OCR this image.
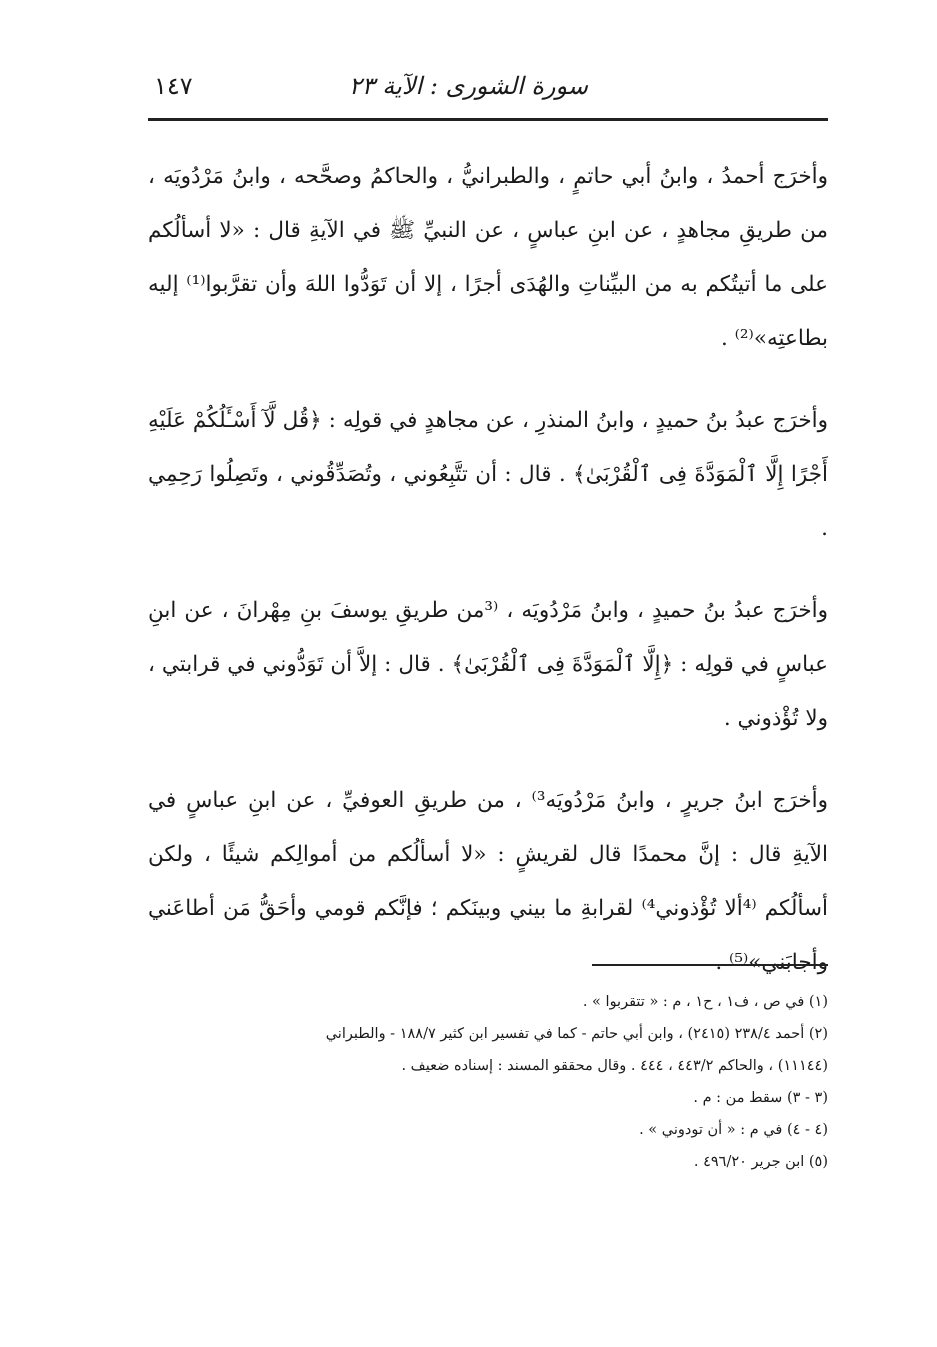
سورة الشورى : الآية ٢٣
١٤٧

وأخرَج أحمدُ ، وابنُ أبي حاتمٍ ، والطبرانيُّ ، والحاكمُ وصحَّحه ، وابنُ مَرْدُويَه ، من طريقِ مجاهدٍ ، عن ابنِ عباسٍ ، عن النبيِّ ﷺ في الآيةِ قال : «لا أسألُكم على ما أتيتُكم به من البيِّناتِ والهُدَى أجرًا ، إلا أن تَوَدُّوا اللهَ وأن تقرَّبوا⁽¹⁾ إليه بطاعتِه»⁽²⁾ .

وأخرَج عبدُ بنُ حميدٍ ، وابنُ المنذرِ ، عن مجاهدٍ في قولِه : ﴿قُل لَّآ أَسْـَٔلُكُمْ عَلَيْهِ أَجْرًا إِلَّا ٱلْمَوَدَّةَ فِى ٱلْقُرْبَىٰ﴾ . قال : أن تتَّبِعُوني ، وتُصَدِّقُوني ، وتَصِلُوا رَحِمِي .

وأخرَج عبدُ بنُ حميدٍ ، وابنُ مَرْدُويَه ، ⁽³من طريقِ يوسفَ بنِ مِهْرانَ ، عن ابنِ عباسٍ في قولِه : ﴿إِلَّا ٱلْمَوَدَّةَ فِى ٱلْقُرْبَىٰ﴾ . قال : إلاَّ أن تَوَدُّوني في قرابتي ، ولا تُؤْذوني .

وأخرَج ابنُ جريرٍ ، وابنُ مَرْدُويَه³⁾ ، من طريقِ العوفيِّ ، عن ابنِ عباسٍ في الآيةِ قال : إنَّ محمدًا قال لقريشٍ : «لا أسألُكم من أموالِكم شيئًا ، ولكن أسألُكم ⁽⁴ألا تُؤْذوني⁴⁾ لقرابةِ ما بيني وبينَكم ؛ فإنَّكم قومي وأحَقُّ مَن أطاعَني وأجابَني»⁽⁵⁾ .

(١) في ص ، ف١ ، ح١ ، م : « تتقربوا » .
(٢) أحمد ٢٣٨/٤ (٢٤١٥) ، وابن أبي حاتم - كما في تفسير ابن كثير ١٨٨/٧ - والطبراني
(١١١٤٤) ، والحاكم ٤٤٣/٢ ، ٤٤٤ . وقال محققو المسند : إسناده ضعيف .
(٣ - ٣) سقط من : م .
(٤ - ٤) في م : « أن تودوني » .
(٥) ابن جرير ٤٩٦/٢٠ .
